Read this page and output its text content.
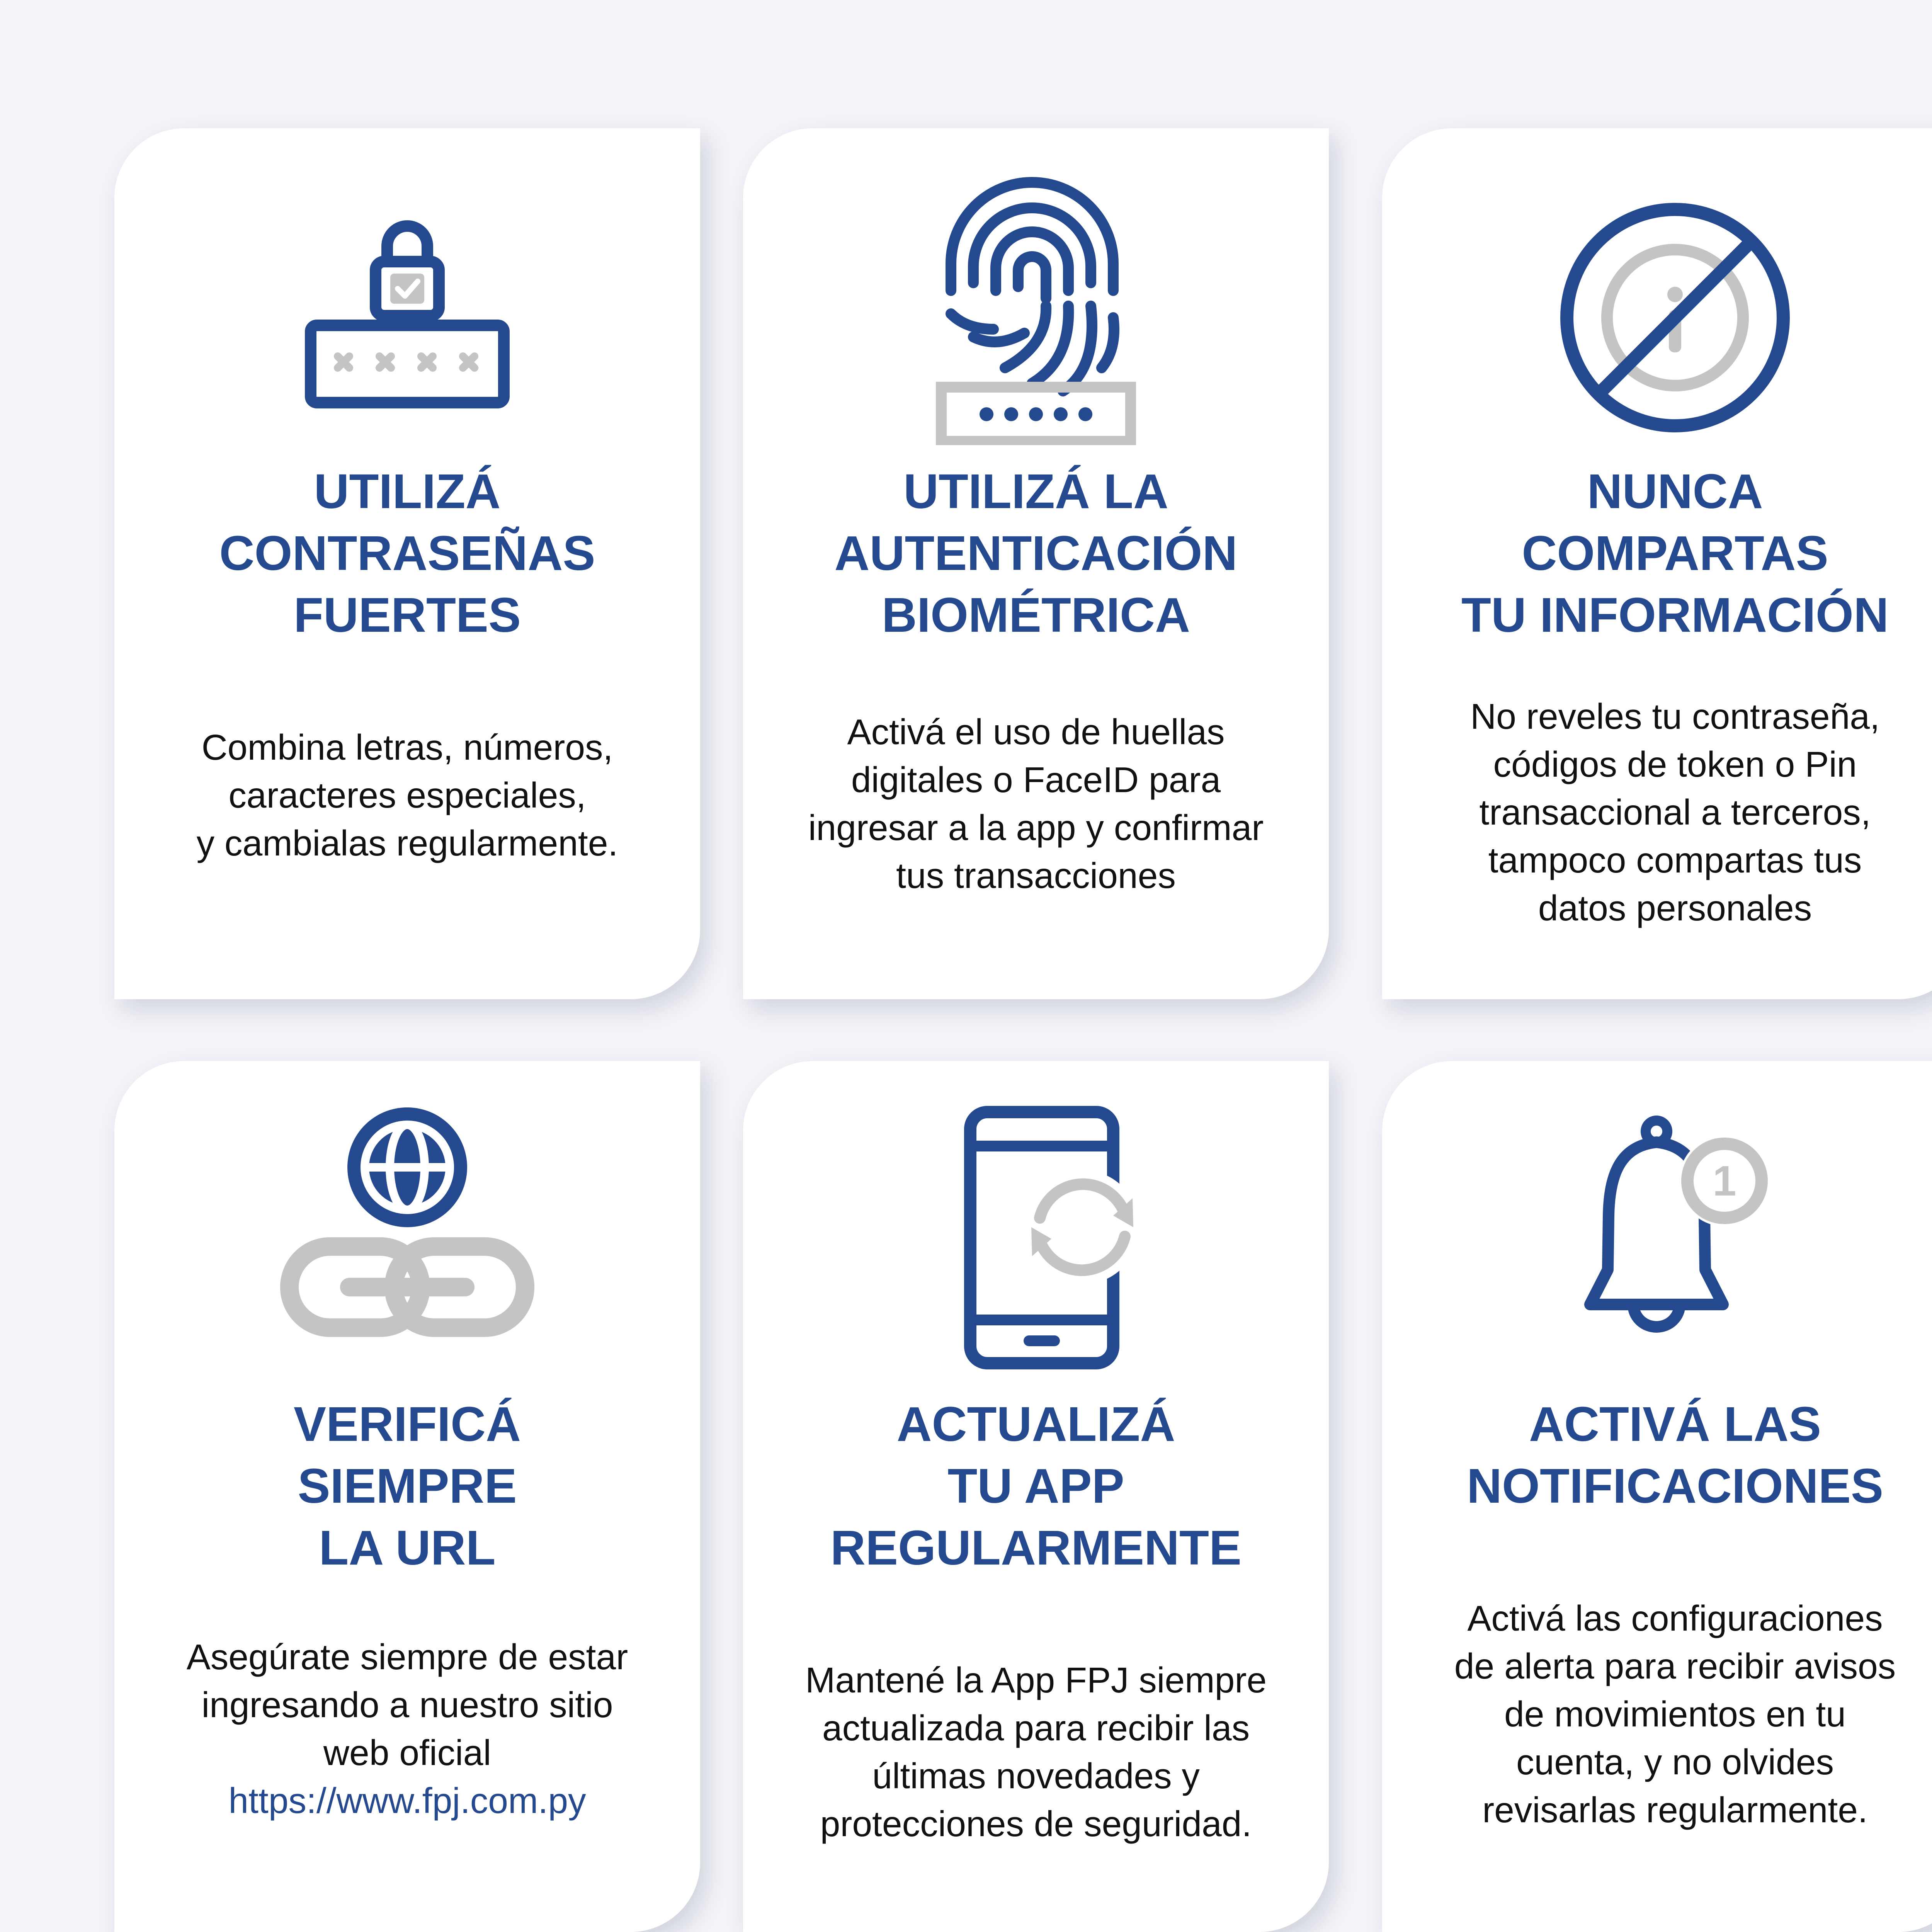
UTILIZÁ
CONTRASEÑAS
FUERTES
Combina letras, números,
caracteres especiales,
y cambialas regularmente.
UTILIZÁ LA
AUTENTICACIÓN
BIOMÉTRICA
Activá el uso de huellas
digitales o FaceID para
ingresar a la app y confirmar
tus transacciones
NUNCA
COMPARTAS
TU INFORMACIÓN
No reveles tu contraseña,
códigos de token o Pin
transaccional a terceros,
tampoco compartas tus
datos personales
VERIFICÁ
SIEMPRE
LA URL
Asegúrate siempre de estar
ingresando a nuestro sitio
web oficial
https://www.fpj.com.py
ACTUALIZÁ
TU APP
REGULARMENTE
Mantené la App FPJ siempre
actualizada para recibir las
últimas novedades y
protecciones de seguridad.
1
ACTIVÁ LAS
NOTIFICACIONES
Activá las configuraciones
de alerta para recibir avisos
de movimientos en tu
cuenta, y no olvides
revisarlas regularmente.
